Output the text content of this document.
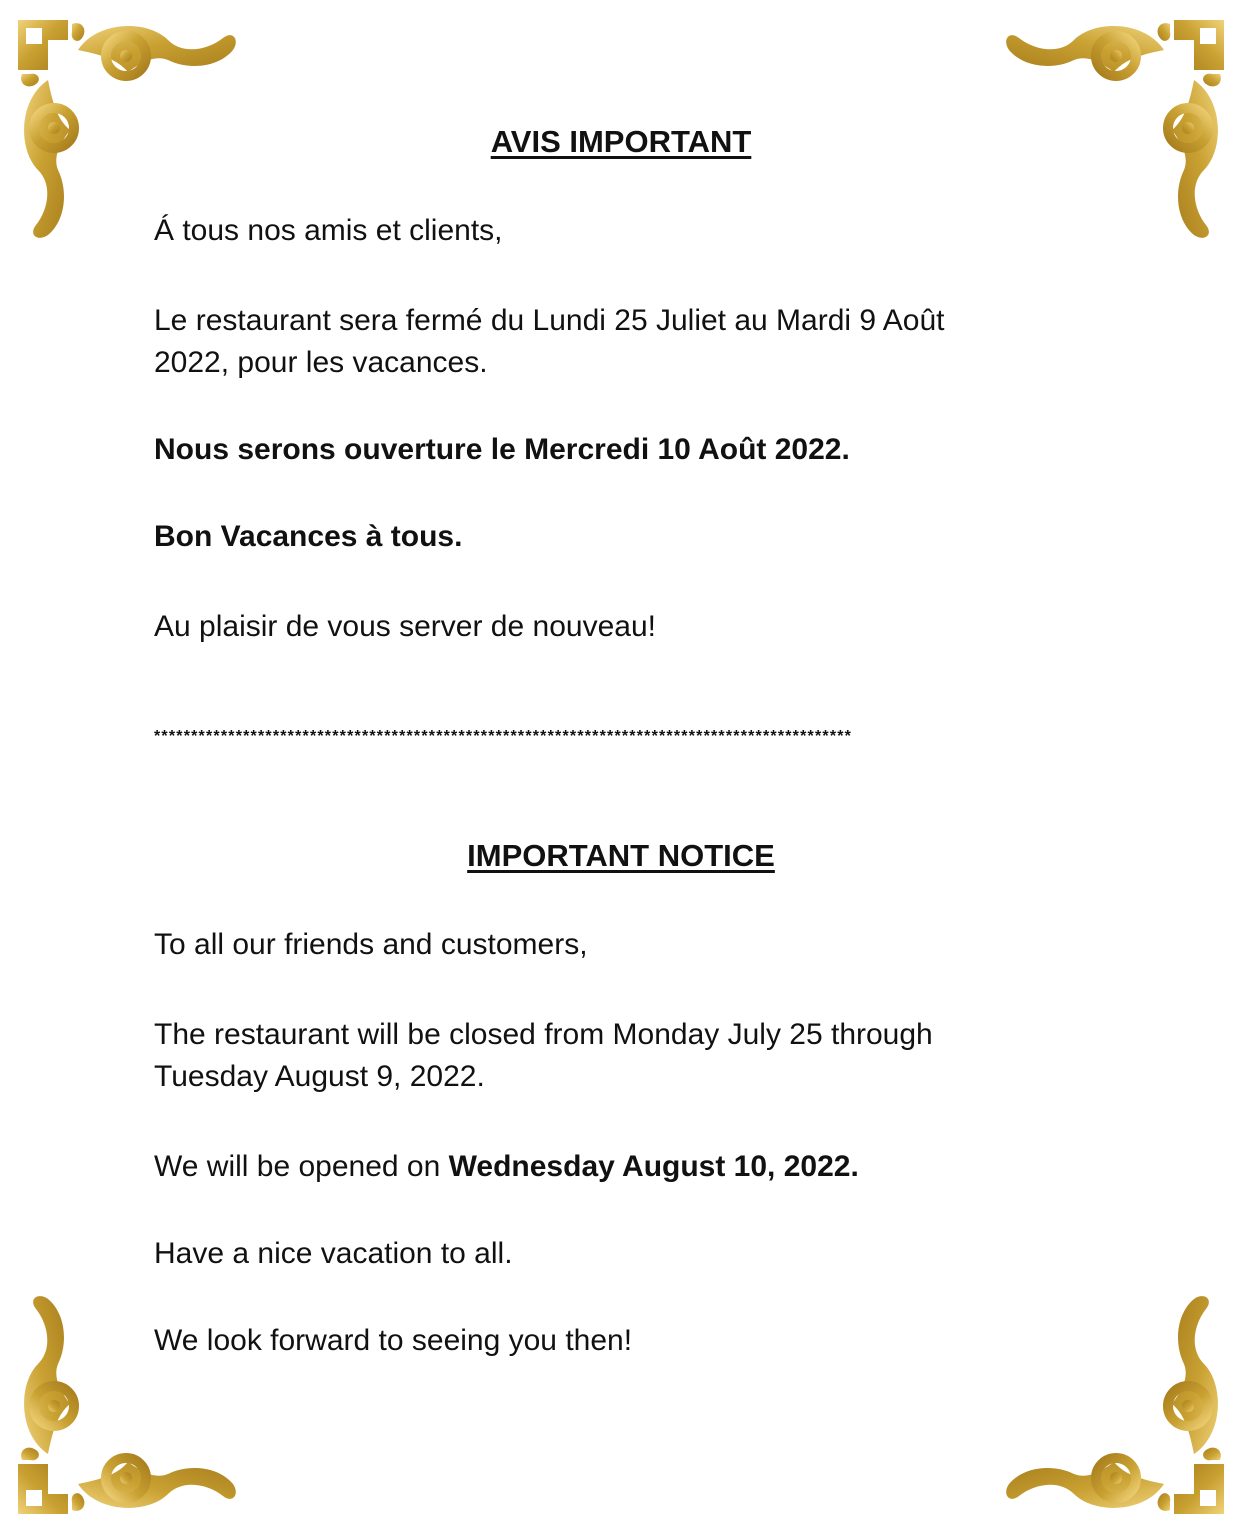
AVIS IMPORTANT
Á tous nos amis et clients,
Le restaurant sera fermé du Lundi 25 Juliet au Mardi 9 Août
2022, pour les vacances.
Nous serons ouverture le Mercredi 10 Août 2022.
Bon Vacances à tous.
Au plaisir de vous server de nouveau!
**********************************************************************************************
IMPORTANT NOTICE
To all our friends and customers,
The restaurant will be closed from Monday July 25 through
Tuesday August 9, 2022.
We will be opened on Wednesday August 10, 2022.
Have a nice vacation to all.
We look forward to seeing you then!
